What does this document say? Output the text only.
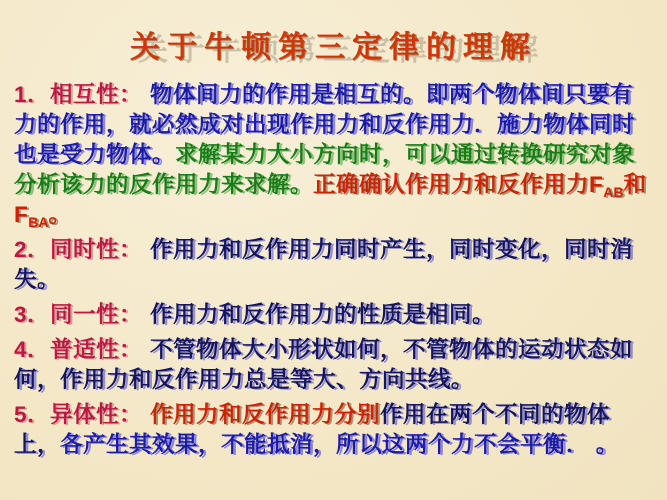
关于牛顿第三定律的理解

1．相互性： 物体间力的作用是相互的。即两个物体间只要有力的作用，就必然成对出现作用力和反作用力．施力物体同时也是受力物体。求解某力大小方向时，可以通过转换研究对象分析该力的反作用力来求解。正确确认作用力和反作用力$F_{AB}$和$F_{BA}$。

2．同时性： 作用力和反作用力同时产生，同时变化，同时消失。

3．同一性： 作用力和反作用力的性质是相同。

4．普适性： 不管物体大小形状如何，不管物体的运动状态如何，作用力和反作用力总是等大、方向共线。

5．异体性： 作用力和反作用力分别作用在两个不同的物体上，各产生其效果，不能抵消，所以这两个力不会平衡． 。
